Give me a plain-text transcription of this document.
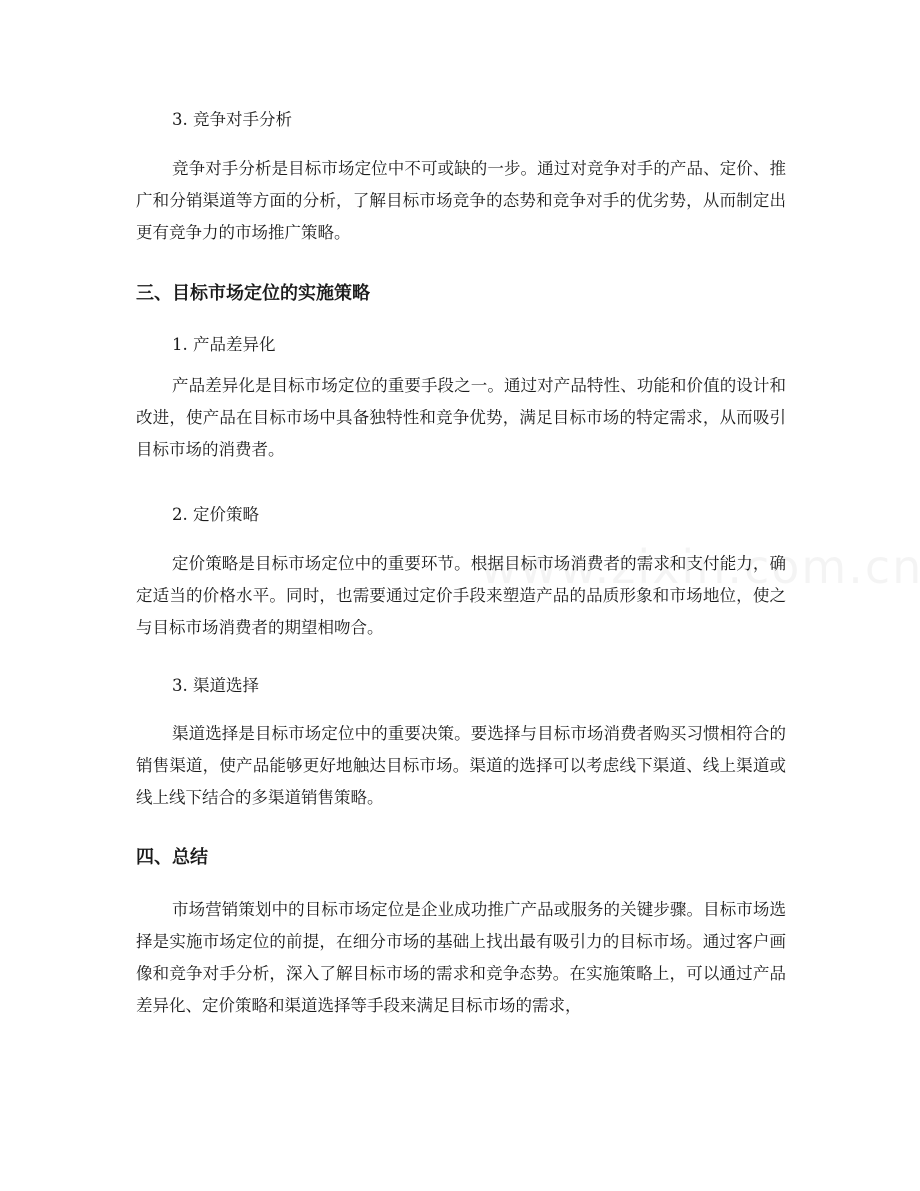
3. 竞争对手分析

竞争对手分析是目标市场定位中不可或缺的一步。通过对竞争对手的产品、定价、推广和分销渠道等方面的分析，了解目标市场竞争的态势和竞争对手的优劣势，从而制定出更有竞争力的市场推广策略。

三、目标市场定位的实施策略

1. 产品差异化

产品差异化是目标市场定位的重要手段之一。通过对产品特性、功能和价值的设计和改进，使产品在目标市场中具备独特性和竞争优势，满足目标市场的特定需求，从而吸引目标市场的消费者。

2. 定价策略

定价策略是目标市场定位中的重要环节。根据目标市场消费者的需求和支付能力，确定适当的价格水平。同时，也需要通过定价手段来塑造产品的品质形象和市场地位，使之与目标市场消费者的期望相吻合。

3. 渠道选择

渠道选择是目标市场定位中的重要决策。要选择与目标市场消费者购买习惯相符合的销售渠道，使产品能够更好地触达目标市场。渠道的选择可以考虑线下渠道、线上渠道或线上线下结合的多渠道销售策略。

四、总结

市场营销策划中的目标市场定位是企业成功推广产品或服务的关键步骤。目标市场选择是实施市场定位的前提，在细分市场的基础上找出最有吸引力的目标市场。通过客户画像和竞争对手分析，深入了解目标市场的需求和竞争态势。在实施策略上，可以通过产品差异化、定价策略和渠道选择等手段来满足目标市场的需求，
